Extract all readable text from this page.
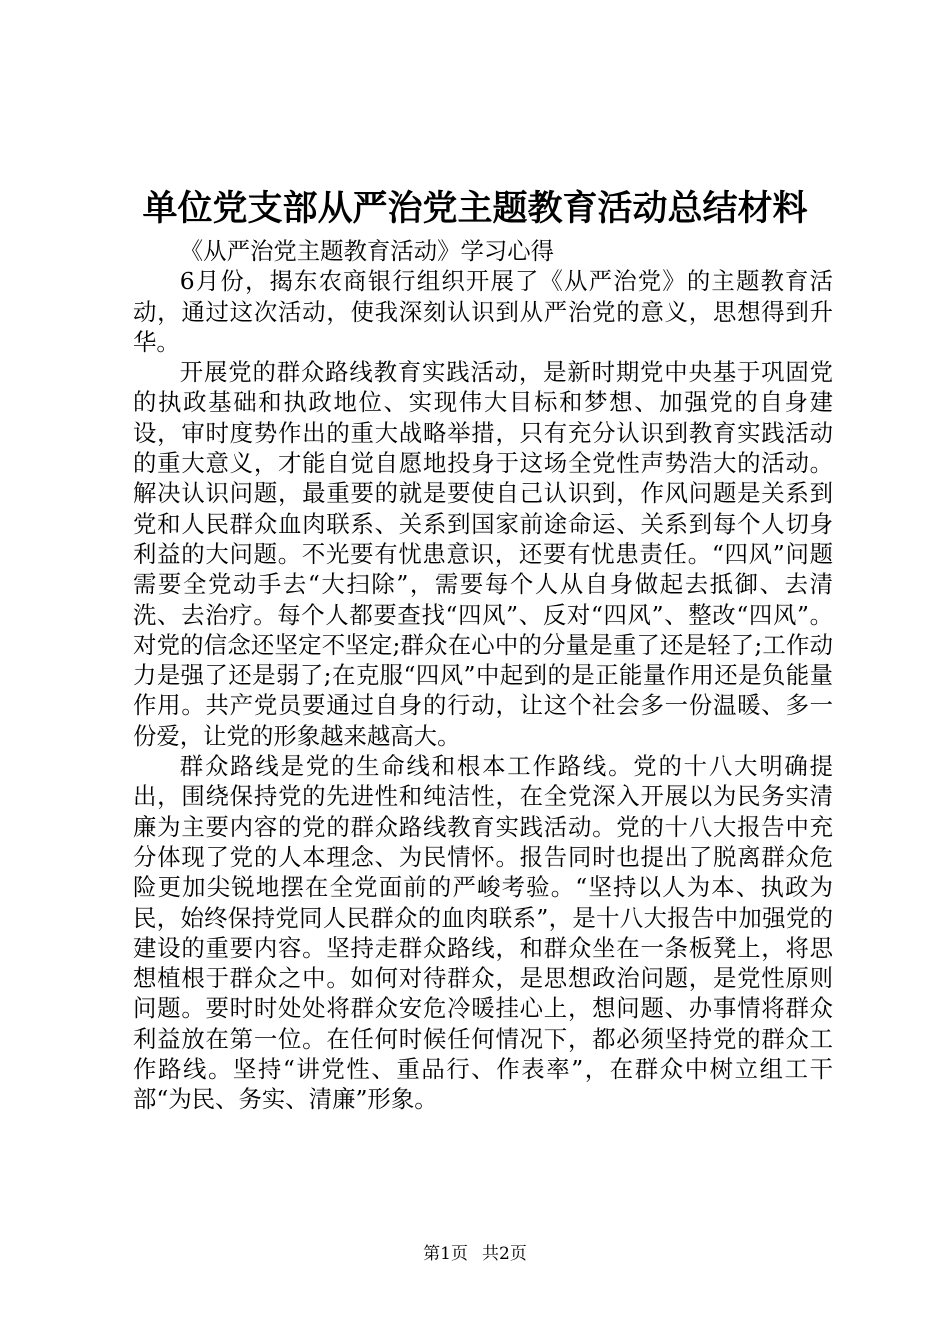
单位党支部从严治党主题教育活动总结材料

《从严治党主题教育活动》学习心得

6月份，揭东农商银行组织开展了《从严治党》的主题教育活动，通过这次活动，使我深刻认识到从严治党的意义，思想得到升华。

开展党的群众路线教育实践活动，是新时期党中央基于巩固党的执政基础和执政地位、实现伟大目标和梦想、加强党的自身建设，审时度势作出的重大战略举措，只有充分认识到教育实践活动的重大意义，才能自觉自愿地投身于这场全党性声势浩大的活动。解决认识问题，最重要的就是要使自己认识到，作风问题是关系到党和人民群众血肉联系、关系到国家前途命运、关系到每个人切身利益的大问题。不光要有忧患意识，还要有忧患责任。“四风”问题需要全党动手去“大扫除”，需要每个人从自身做起去抵御、去清洗、去治疗。每个人都要查找“四风”、反对“四风”、整改“四风”。对党的信念还坚定不坚定;群众在心中的分量是重了还是轻了;工作动力是强了还是弱了;在克服“四风”中起到的是正能量作用还是负能量作用。共产党员要通过自身的行动，让这个社会多一份温暖、多一份爱，让党的形象越来越高大。

群众路线是党的生命线和根本工作路线。党的十八大明确提出，围绕保持党的先进性和纯洁性，在全党深入开展以为民务实清廉为主要内容的党的群众路线教育实践活动。党的十八大报告中充分体现了党的人本理念、为民情怀。报告同时也提出了脱离群众危险更加尖锐地摆在全党面前的严峻考验。“坚持以人为本、执政为民，始终保持党同人民群众的血肉联系”，是十八大报告中加强党的建设的重要内容。坚持走群众路线，和群众坐在一条板凳上，将思想植根于群众之中。如何对待群众，是思想政治问题，是党性原则问题。要时时处处将群众安危冷暖挂心上，想问题、办事情将群众利益放在第一位。在任何时候任何情况下，都必须坚持党的群众工作路线。坚持“讲党性、重品行、作表率”，在群众中树立组工干部“为民、务实、清廉”形象。

第1页 共2页
